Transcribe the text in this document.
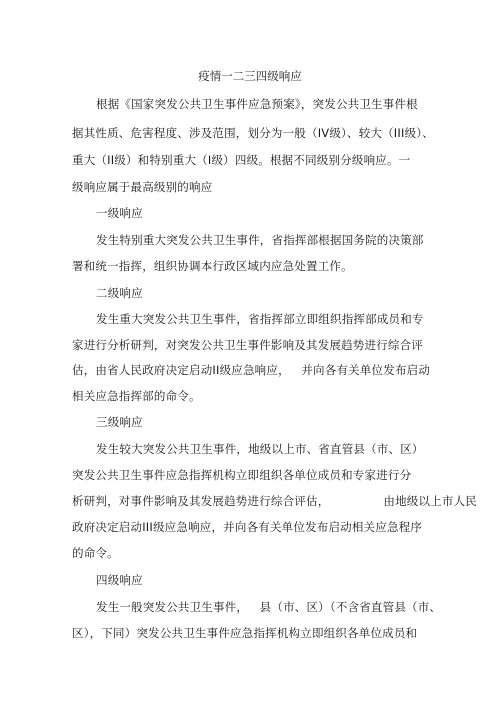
疫情一二三四级响应
根据《国家突发公共卫生事件应急预案》，突发公共卫生事件根
据其性质、危害程度、涉及范围，划分为一般（IV级）、较大（III级）、
重大（II级）和特别重大（I级）四级。根据不同级别分级响应。一
级响应属于最高级别的响应
一级响应
发生特别重大突发公共卫生事件，省指挥部根据国务院的决策部
署和统一指挥，组织协调本行政区域内应急处置工作。
二级响应
发生重大突发公共卫生事件，省指挥部立即组织指挥部成员和专
家进行分析研判，对突发公共卫生事件影响及其发展趋势进行综合评
估，由省人民政府决定启动II级应急响应，   并向各有关单位发布启动
相关应急指挥部的命令。
三级响应
发生较大突发公共卫生事件，地级以上市、省直管县（市、区）
突发公共卫生事件应急指挥机构立即组织各单位成员和专家进行分
析研判，对事件影响及其发展趋势进行综合评估，              由地级以上市人民
政府决定启动III级应急响应，并向各有关单位发布启动相关应急程序
的命令。
四级响应
发生一般突发公共卫生事件，   县（市、区）（不含省直管县（市、
区），下同）突发公共卫生事件应急指挥机构立即组织各单位成员和
